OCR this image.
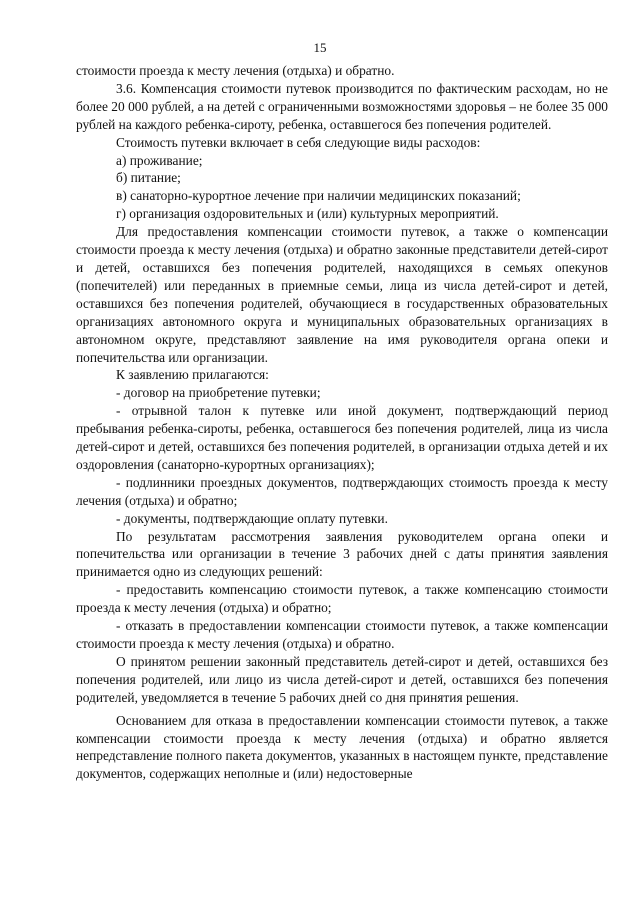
15

стоимости проезда к месту лечения (отдыха) и обратно.

3.6. Компенсация стоимости путевок производится по фактическим расходам, но не более 20 000 рублей, а на детей с ограниченными возможностями здоровья – не более 35 000 рублей на каждого ребенка-сироту, ребенка, оставшегося без попечения родителей.

Стоимость путевки включает в себя следующие виды расходов:

а) проживание;

б) питание;

в) санаторно-курортное лечение при наличии медицинских показаний;

г) организация оздоровительных и (или) культурных мероприятий.

Для предоставления компенсации стоимости путевок, а также о компенсации стоимости проезда к месту лечения (отдыха) и обратно законные представители детей-сирот и детей, оставшихся без попечения родителей, находящихся в семьях опекунов (попечителей) или переданных в приемные семьи, лица из числа детей-сирот и детей, оставшихся без попечения родителей, обучающиеся в государственных образовательных организациях автономного округа и муниципальных образовательных организациях в автономном округе, представляют заявление на имя руководителя органа опеки и попечительства или организации.

К заявлению прилагаются:

- договор на приобретение путевки;

- отрывной талон к путевке или иной документ, подтверждающий период пребывания ребенка-сироты, ребенка, оставшегося без попечения родителей, лица из числа детей-сирот и детей, оставшихся без попечения родителей, в организации отдыха детей и их оздоровления (санаторно-курортных организациях);

- подлинники проездных документов, подтверждающих стоимость проезда к месту лечения (отдыха) и обратно;

- документы, подтверждающие оплату путевки.

По результатам рассмотрения заявления руководителем органа опеки и попечительства или организации в течение 3 рабочих дней с даты принятия заявления принимается одно из следующих решений:

- предоставить компенсацию стоимости путевок, а также компенсацию стоимости проезда к месту лечения (отдыха) и обратно;

- отказать в предоставлении компенсации стоимости путевок, а также компенсации стоимости проезда к месту лечения (отдыха) и обратно.

О принятом решении законный представитель детей-сирот и детей, оставшихся без попечения родителей, или лицо из числа детей-сирот и детей, оставшихся без попечения родителей, уведомляется в течение 5 рабочих дней со дня принятия решения.

Основанием для отказа в предоставлении компенсации стоимости путевок, а также компенсации стоимости проезда к месту лечения (отдыха) и обратно является непредставление полного пакета документов, указанных в настоящем пункте, представление документов, содержащих неполные и (или) недостоверные
